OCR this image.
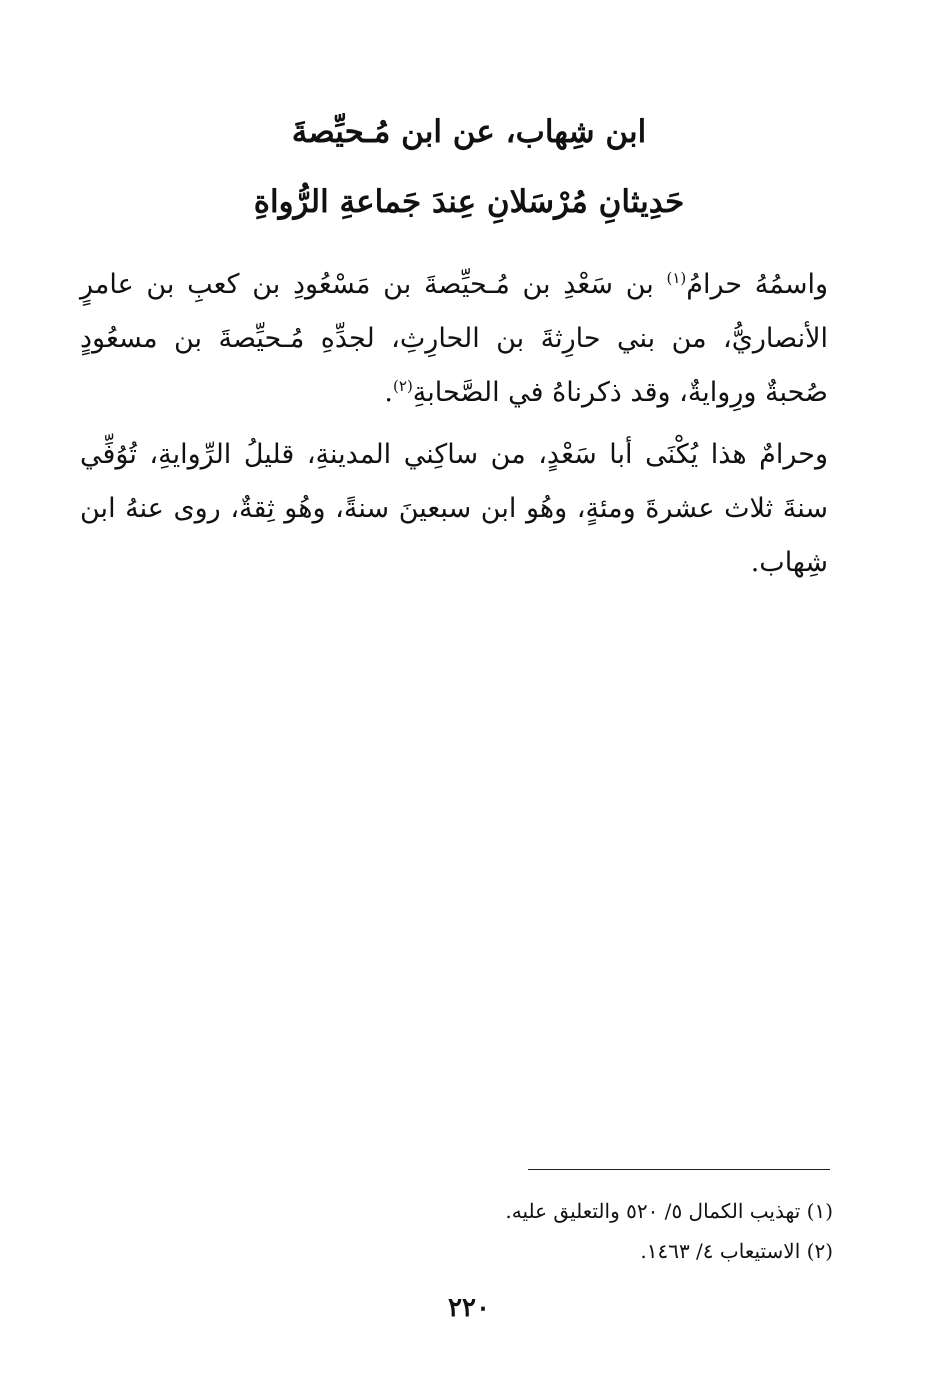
ابن شِهاب، عن ابن مُـحيِّصةَ
حَدِيثانِ مُرْسَلانِ عِندَ جَماعةِ الرُّواةِ
واسمُهُ حرامُ$^{(١)}$ بن سَعْدِ بن مُـحيِّصةَ بن مَسْعُودِ بن كعبِ بن عامرٍ الأنصاريُّ، من بني حارِثةَ بن الحارِثِ، لجدِّهِ مُـحيِّصةَ بن مسعُودٍ صُحبةٌ ورِوايةٌ، وقد ذكرناهُ في الصَّحابةِ$^{(٢)}$.
وحرامٌ هذا يُكْنَى أبا سَعْدٍ، من ساكِني المدينةِ، قليلُ الرِّوايةِ، تُوُفِّي سنةَ ثلاث عشرةَ ومئةٍ، وهُو ابن سبعينَ سنةً، وهُو ثِقةٌ، روى عنهُ ابن شِهاب.
(١) تهذيب الكمال ٥/ ٥٢٠ والتعليق عليه.
(٢) الاستيعاب ٤/ ١٤٦٣.
٢٢٠
